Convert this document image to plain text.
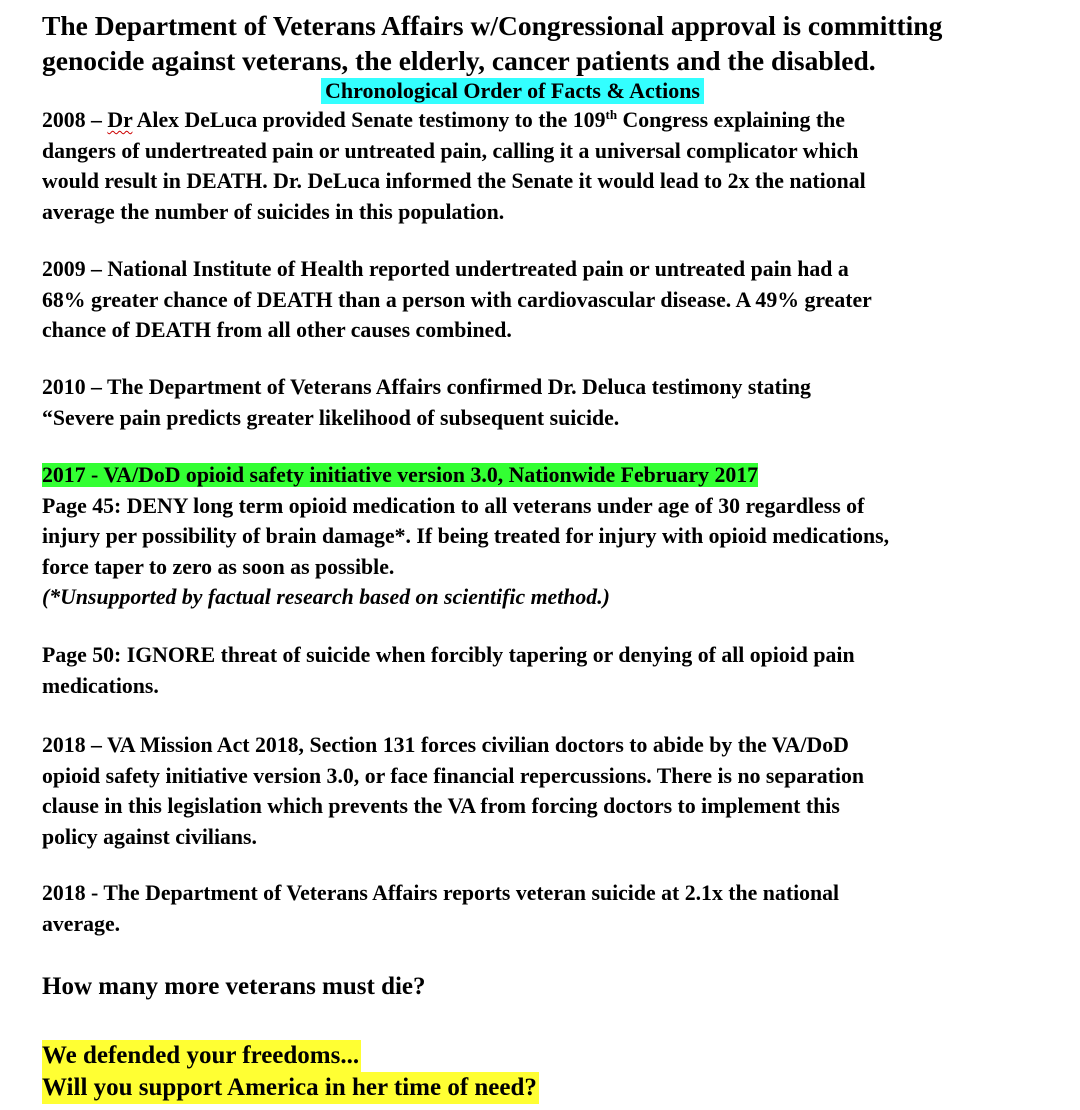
The Department of Veterans Affairs w/Congressional approval is committing
genocide against veterans, the elderly, cancer patients and the disabled.
Chronological Order of Facts & Actions
2008 – Dr Alex DeLuca provided Senate testimony to the 109th Congress explaining the
dangers of undertreated pain or untreated pain, calling it a universal complicator which
would result in DEATH. Dr. DeLuca informed the Senate it would lead to 2x the national
average the number of suicides in this population.
2009 – National Institute of Health reported undertreated pain or untreated pain had a
68% greater chance of DEATH than a person with cardiovascular disease. A 49% greater
chance of DEATH from all other causes combined.
2010 – The Department of Veterans Affairs confirmed Dr. Deluca testimony stating
“Severe pain predicts greater likelihood of subsequent suicide.
2017 - VA/DoD opioid safety initiative version 3.0, Nationwide February 2017
Page 45: DENY long term opioid medication to all veterans under age of 30 regardless of
injury per possibility of brain damage*. If being treated for injury with opioid medications,
force taper to zero as soon as possible.
(*Unsupported by factual research based on scientific method.)
Page 50: IGNORE threat of suicide when forcibly tapering or denying of all opioid pain
medications.
2018 – VA Mission Act 2018, Section 131 forces civilian doctors to abide by the VA/DoD
opioid safety initiative version 3.0, or face financial repercussions. There is no separation
clause in this legislation which prevents the VA from forcing doctors to implement this
policy against civilians.
2018 - The Department of Veterans Affairs reports veteran suicide at 2.1x the national
average.
How many more veterans must die?
We defended your freedoms...
Will you support America in her time of need?
